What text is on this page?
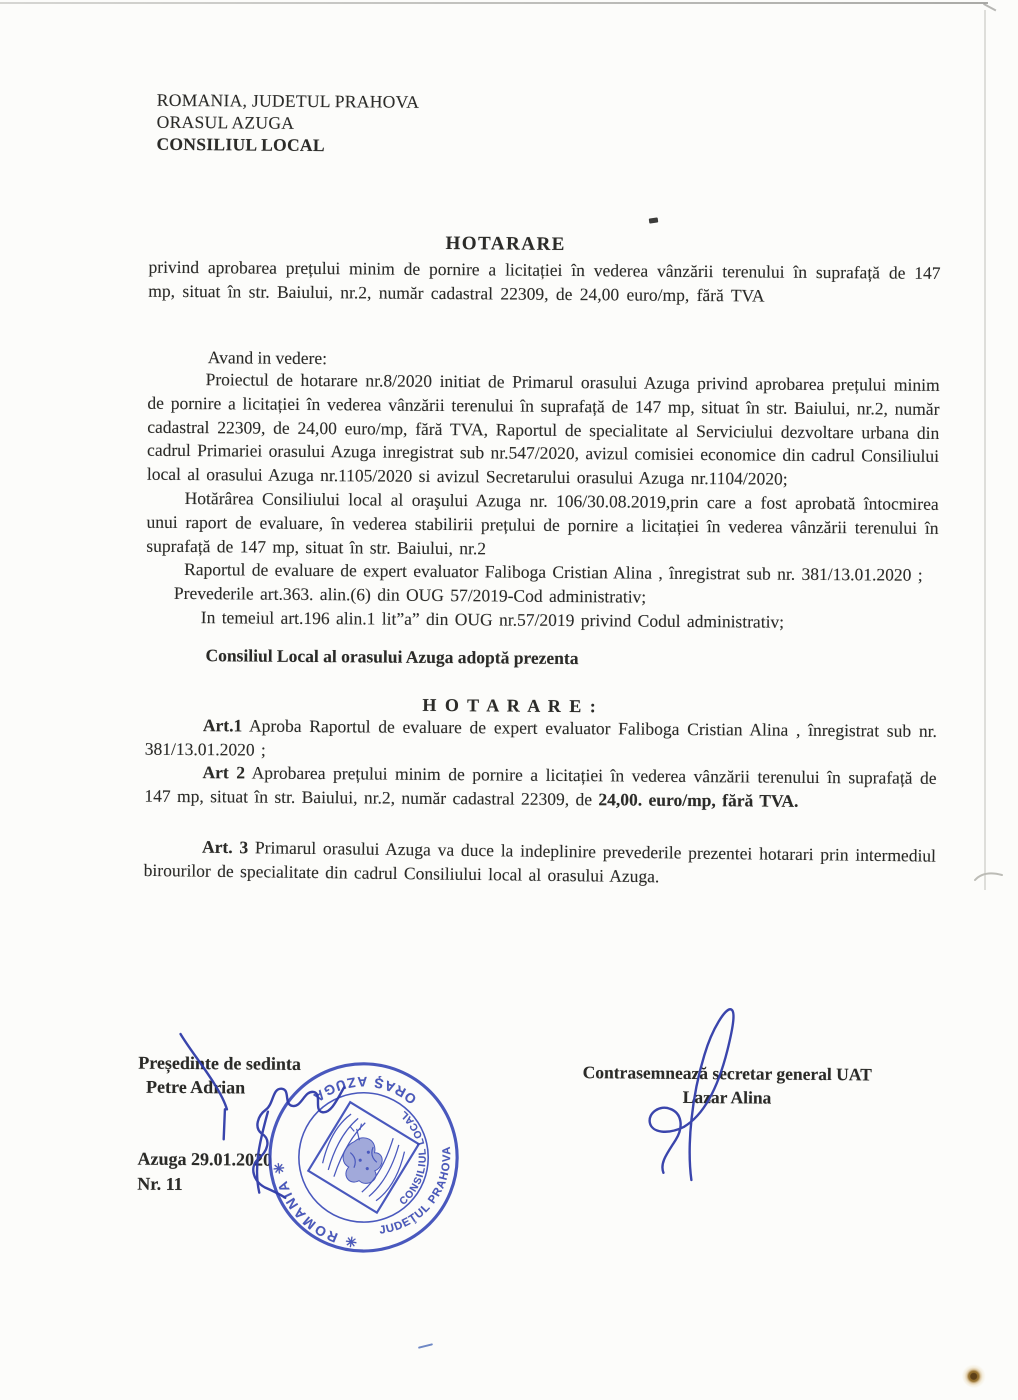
ROMANIA, JUDETUL PRAHOVA
ORASUL AZUGA
CONSILIUL LOCAL
HOTARARE
privind aprobarea prețului minim de pornire a licitației în vederea vânzării terenului în suprafață de 147 mp, situat în str. Baiului, nr.2, număr cadastral 22309, de 24,00 euro/mp, fără TVA
Avand in vedere:

Proiectul de hotarare nr.8/2020 initiat de Primarul orasului Azuga privind aprobarea prețului minim de pornire a licitației în vederea vânzării terenului în suprafață de 147 mp, situat în str. Baiului, nr.2, număr cadastral 22309, de 24,00 euro/mp, fără TVA, Raportul de specialitate al Serviciului dezvoltare urbana din cadrul Primariei orasului Azuga inregistrat sub nr.547/2020, avizul comisiei economice din cadrul Consiliului local al orasului Azuga nr.1105/2020 si avizul Secretarului orasului Azuga nr.1104/2020;

Hotărârea Consiliului local al oraşului Azuga nr. 106/30.08.2019,prin care a fost aprobată întocmirea unui raport de evaluare, în vederea stabilirii prețului de pornire a licitației în vederea vânzării terenului în suprafață de 147 mp, situat în str. Baiului, nr.2

Raportul de evaluare de expert evaluator Faliboga Cristian Alina , înregistrat sub nr. 381/13.01.2020 ;

Prevederile art.363. alin.(6) din OUG 57/2019-Cod administrativ;

In temeiul art.196 alin.1 lit”a” din OUG nr.57/2019 privind Codul administrativ;

Consiliul Local al orasului Azuga adoptă prezenta
H O T A R A R E :

Art.1 Aproba Raportul de evaluare de expert evaluator Faliboga Cristian Alina , înregistrat sub nr. 381/13.01.2020 ;

Art 2 Aprobarea prețului minim de pornire a licitației în vederea vânzării terenului în suprafață de 147 mp, situat în str. Baiului, nr.2, număr cadastral 22309, de 24,00. euro/mp, fără TVA.

Art. 3 Primarul orasului Azuga va duce la indeplinire prevederile prezentei hotarari prin intermediul birourilor de specialitate din cadrul Consiliului local al orasului Azuga.

Președinte de sedinta
Petre Adrian
Azuga 29.01.2020
Nr. 11
Contrasemnează secretar general UAT
Lazar Alina
ORAŞ AZUGA
✳ ROMANIA ✳
JUDEŢUL PRAHOVA
CONSILIUL LOCAL
